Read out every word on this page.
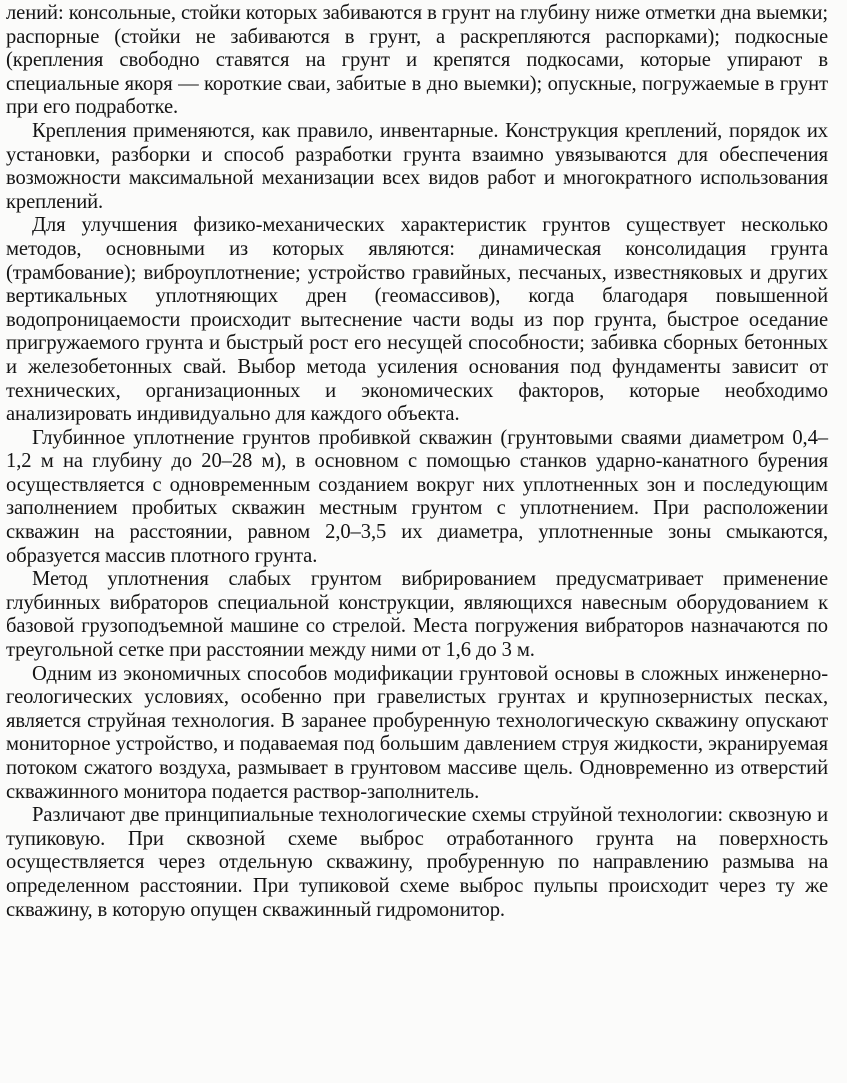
лений: консольные, стойки которых забиваются в грунт на глубину ниже отметки дна выемки; распорные (стойки не забиваются в грунт, а раскрепляются распорками); подкосные (крепления свободно ставятся на грунт и крепятся подкосами, которые упирают в специальные якоря — короткие сваи, забитые в дно выемки); опускные, погружаемые в грунт при его подработке.

Крепления применяются, как правило, инвентарные. Конструкция креплений, порядок их установки, разборки и способ разработки грунта взаимно увязываются для обеспечения возможности максимальной механизации всех видов работ и многократного использования креплений.

Для улучшения физико-механических характеристик грунтов существует несколько методов, основными из которых являются: динамическая консолидация грунта (трамбование); виброуплотнение; устройство гравийных, песчаных, известняковых и других вертикальных уплотняющих дрен (геомассивов), когда благодаря повышенной водопроницаемости происходит вытеснение части воды из пор грунта, быстрое оседание пригружаемого грунта и быстрый рост его несущей способности; забивка сборных бетонных и железобетонных свай. Выбор метода усиления основания под фундаменты зависит от технических, организационных и экономических факторов, которые необходимо анализировать индивидуально для каждого объекта.

Глубинное уплотнение грунтов пробивкой скважин (грунтовыми сваями диаметром 0,4–1,2 м на глубину до 20–28 м), в основном с помощью станков ударно-канатного бурения осуществляется с одновременным созданием вокруг них уплотненных зон и последующим заполнением пробитых скважин местным грунтом с уплотнением. При расположении скважин на расстоянии, равном 2,0–3,5 их диаметра, уплотненные зоны смыкаются, образуется массив плотного грунта.

Метод уплотнения слабых грунтом вибрированием предусматривает применение глубинных вибраторов специальной конструкции, являющихся навесным оборудованием к базовой грузоподъемной машине со стрелой. Места погружения вибраторов назначаются по треугольной сетке при расстоянии между ними от 1,6 до 3 м.

Одним из экономичных способов модификации грунтовой основы в сложных инженерно-геологических условиях, особенно при гравелистых грунтах и крупнозернистых песках, является струйная технология. В заранее пробуренную технологическую скважину опускают мониторное устройство, и подаваемая под большим давлением струя жидкости, экранируемая потоком сжатого воздуха, размывает в грунтовом массиве щель. Одновременно из отверстий скважинного монитора подается раствор-заполнитель.

Различают две принципиальные технологические схемы струйной технологии: сквозную и тупиковую. При сквозной схеме выброс отработанного грунта на поверхность осуществляется через отдельную скважину, пробуренную по направлению размыва на определенном расстоянии. При тупиковой схеме выброс пульпы происходит через ту же скважину, в которую опущен скважинный гидромонитор.
